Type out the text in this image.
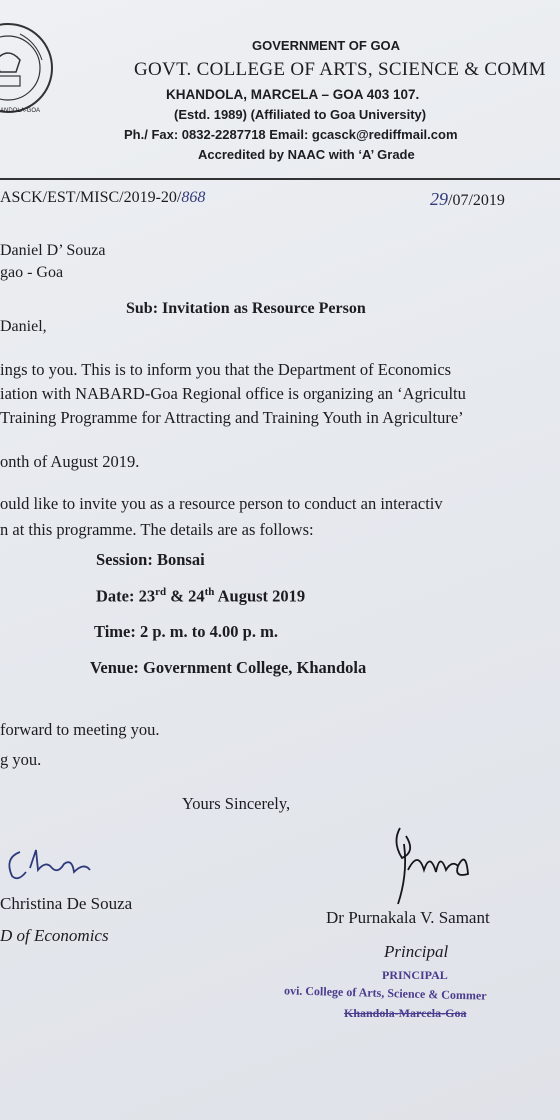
ANDOLA-GOA
GOVERNMENT OF GOA
GOVT. COLLEGE OF ARTS, SCIENCE & COMM
KHANDOLA, MARCELA – GOA 403 107.
(Estd. 1989) (Affiliated to Goa University)
Ph./ Fax: 0832-2287718 Email: gcasck@rediffmail.com
Accredited by NAAC with ‘A’ Grade
ASCK/EST/MISC/2019-20/868	29/07/2019
Daniel D’ Souza
gao - Goa
Sub: Invitation as Resource Person
Daniel,
ings to you. This is to inform you that the Department of Economics
iation with NABARD-Goa Regional office is organizing an ‘Agricultu
Training Programme for Attracting and Training Youth in Agriculture’
onth of August 2019.
ould like to invite you as a resource person to conduct an interactiv
n at this programme. The details are as follows:
Session: Bonsai
Date: 23rd & 24th August 2019
Time: 2 p. m. to 4.00 p. m.
Venue: Government College, Khandola
forward to meeting you.
g you.
Yours Sincerely,
Christina De Souza
D of Economics
Dr Purnakala V. Samant
Principal
PRINCIPAL
ovi. College of Arts, Science & Commer
Khandola-Marcela-Goa
